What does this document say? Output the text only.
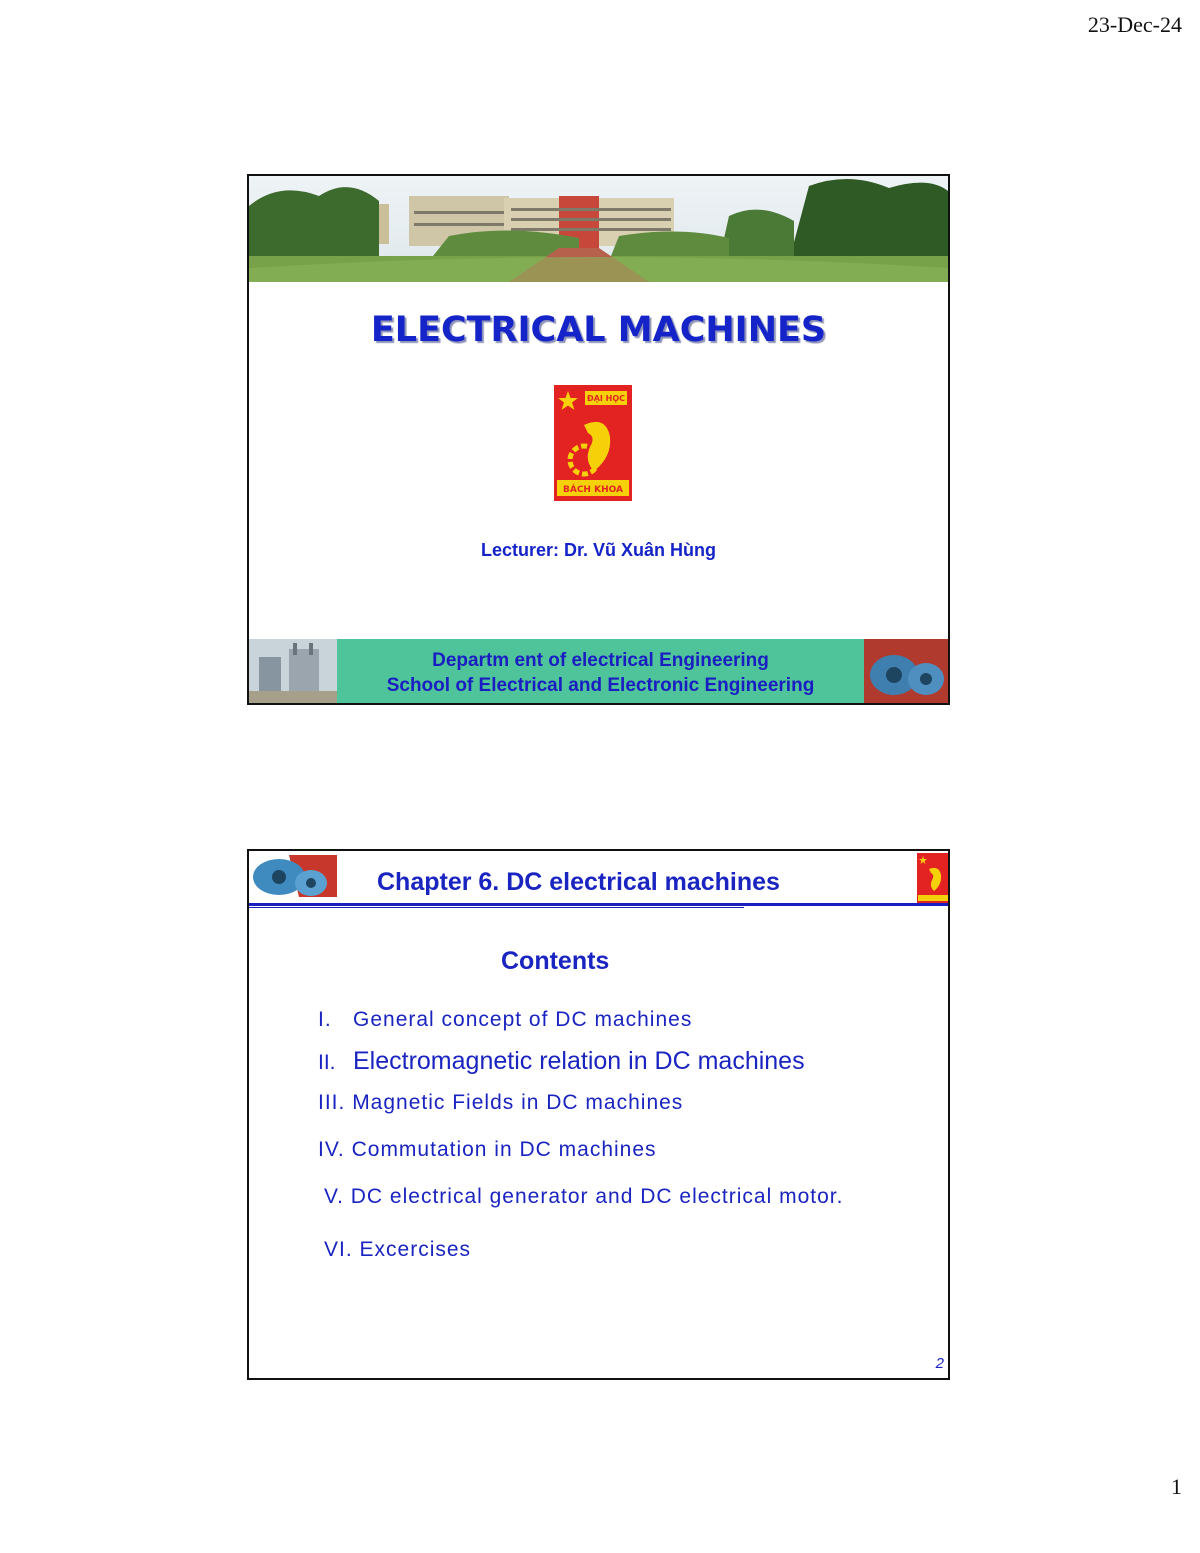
23-Dec-24
ELECTRICAL MACHINES
ĐẠI HỌC
BÁCH KHOA
Lecturer: Dr. Vũ Xuân Hùng
Departm ent of electrical Engineering
School of Electrical and Electronic Engineering
Chapter 6. DC electrical machines
Contents
I. General concept of DC machines
II. Electromagnetic relation in DC machines
III. Magnetic Fields in DC machines
IV. Commutation in DC machines
V. DC electrical generator and DC electrical motor.
VI. Excercises
2
1
